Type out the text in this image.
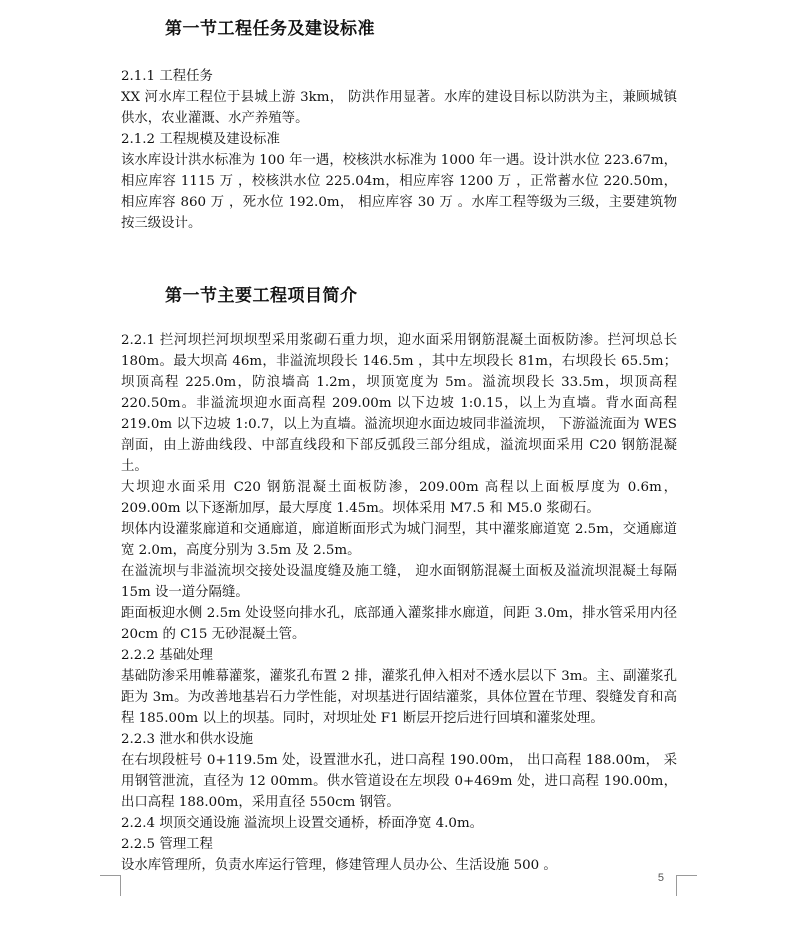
第一节工程任务及建设标准

2.1.1 工程任务

XX 河水库工程位于县城上游 3km， 防洪作用显著。水库的建设目标以防洪为主，兼顾城镇供水，农业灌溉、水产养殖等。

2.1.2 工程规模及建设标准

该水库设计洪水标准为 100 年一遇，校核洪水标准为 1000 年一遇。设计洪水位 223.67m，相应库容 1115 万 ，校核洪水位 225.04m，相应库容 1200 万 ，正常蓄水位 220.50m，相应库容 860 万 ，死水位 192.0m， 相应库容 30 万 。水库工程等级为三级，主要建筑物按三级设计。

第一节主要工程项目简介

2.2.1 拦河坝拦河坝坝型采用浆砌石重力坝，迎水面采用钢筋混凝土面板防渗。拦河坝总长 180m。最大坝高 46m，非溢流坝段长 146.5m ，其中左坝段长 81m，右坝段长 65.5m；坝顶高程 225.0m，防浪墙高 1.2m，坝顶宽度为 5m。溢流坝段长 33.5m，坝顶高程 220.50m。非溢流坝迎水面高程 209.00m 以下边坡 1:0.15，以上为直墙。背水面高程 219.0m 以下边坡 1:0.7，以上为直墙。溢流坝迎水面边坡同非溢流坝， 下游溢流面为 WES 剖面，由上游曲线段、中部直线段和下部反弧段三部分组成，溢流坝面采用 C20 钢筋混凝土。

大坝迎水面采用 C20 钢筋混凝土面板防渗，209.00m 高程以上面板厚度为 0.6m，209.00m 以下逐渐加厚，最大厚度 1.45m。坝体采用 M7.5 和 M5.0 浆砌石。

坝体内设灌浆廊道和交通廊道，廊道断面形式为城门洞型，其中灌浆廊道宽 2.5m，交通廊道宽 2.0m，高度分别为 3.5m 及 2.5m。

在溢流坝与非溢流坝交接处设温度缝及施工缝， 迎水面钢筋混凝土面板及溢流坝混凝土每隔 15m 设一道分隔缝。

距面板迎水侧 2.5m 处设竖向排水孔，底部通入灌浆排水廊道，间距 3.0m，排水管采用内径 20cm 的 C15 无砂混凝土管。

2.2.2 基础处理

基础防渗采用帷幕灌浆，灌浆孔布置 2 排，灌浆孔伸入相对不透水层以下 3m。主、副灌浆孔距为 3m。为改善地基岩石力学性能，对坝基进行固结灌浆，具体位置在节理、裂缝发育和高程 185.00m 以上的坝基。同时，对坝址处 F1 断层开挖后进行回填和灌浆处理。

2.2.3 泄水和供水设施

在右坝段桩号 0+119.5m 处，设置泄水孔，进口高程 190.00m， 出口高程 188.00m， 采用钢管泄流，直径为 12 00mm。供水管道设在左坝段 0+469m 处，进口高程 190.00m，出口高程 188.00m，采用直径 550cm 钢管。

2.2.4 坝顶交通设施 溢流坝上设置交通桥，桥面净宽 4.0m。

2.2.5 管理工程

设水库管理所，负责水库运行管理，修建管理人员办公、生活设施 500 。

5
